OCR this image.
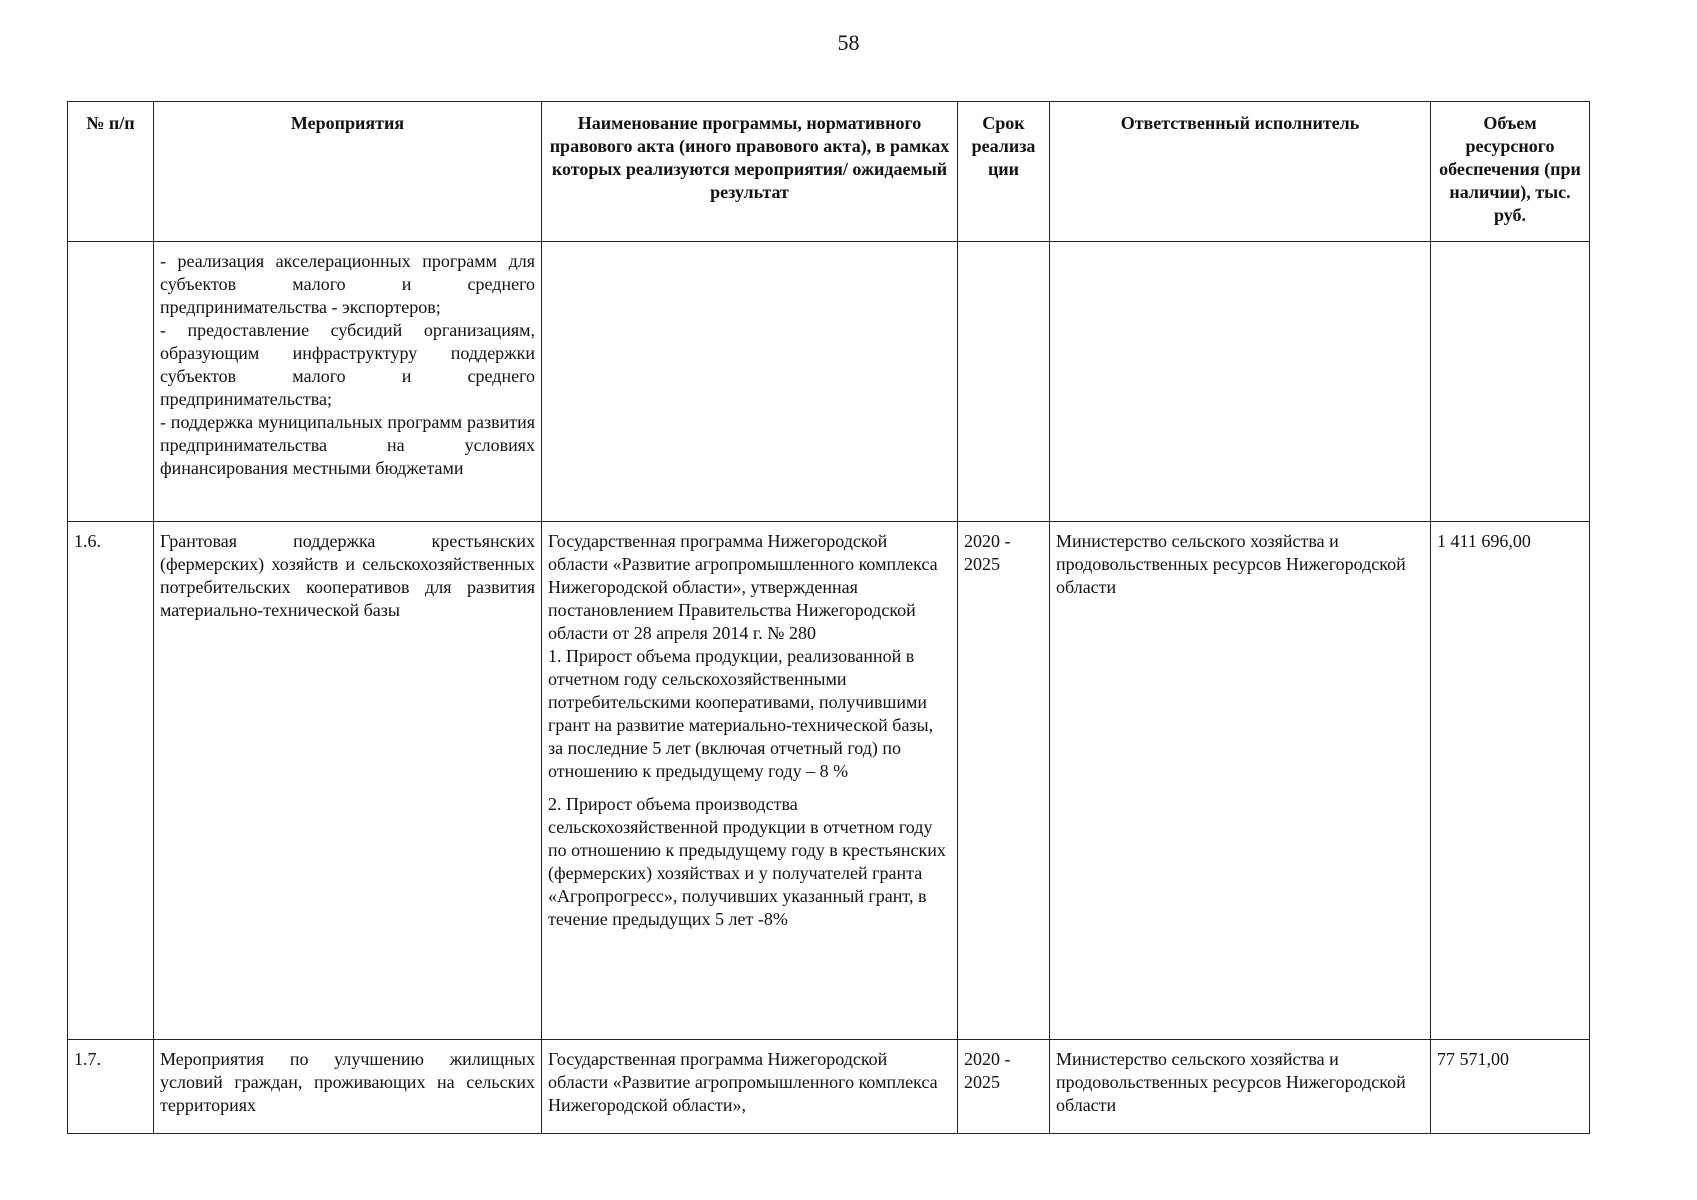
58
№ п/п	Мероприятия	Наименование программы, нормативного правового акта (иного правового акта), в рамках которых реализуются мероприятия/ ожидаемый результат	Срок реализа ции	Ответственный исполнитель	Объем ресурсного обеспечения (при наличии), тыс. руб.

	- реализация акселерационных программ для субъектов малого и среднего предпринимательства - экспортеров;
- предоставление субсидий организациям, образующим инфраструктуру поддержки субъектов малого и среднего предпринимательства;
- поддержка муниципальных программ развития предпринимательства на условиях финансирования местными бюджетами				

1.6.	Грантовая поддержка крестьянских (фермерских) хозяйств и сельскохозяйственных потребительских кооперативов для развития материально-технической базы	Государственная программа Нижегородской области «Развитие агропромышленного комплекса Нижегородской области», утвержденная постановлением Правительства Нижегородской области от 28 апреля 2014 г. № 280
1. Прирост объема продукции, реализованной в отчетном году сельскохозяйственными потребительскими кооперативами, получившими грант на развитие материально-технической базы, за последние 5 лет (включая отчетный год) по отношению к предыдущему году – 8 %
2. Прирост объема производства сельскохозяйственной продукции в отчетном году по отношению к предыдущему году в крестьянских (фермерских) хозяйствах и у получателей гранта «Агропрогресс», получивших указанный грант, в течение предыдущих 5 лет -8%	2020 - 2025	Министерство сельского хозяйства и продовольственных ресурсов Нижегородской области	1 411 696,00
1.7.	Мероприятия по улучшению жилищных условий граждан, проживающих на сельских территориях	Государственная программа Нижегородской области «Развитие агропромышленного комплекса Нижегородской области»,	2020 - 2025	Министерство сельского хозяйства и продовольственных ресурсов Нижегородской области	77 571,00
